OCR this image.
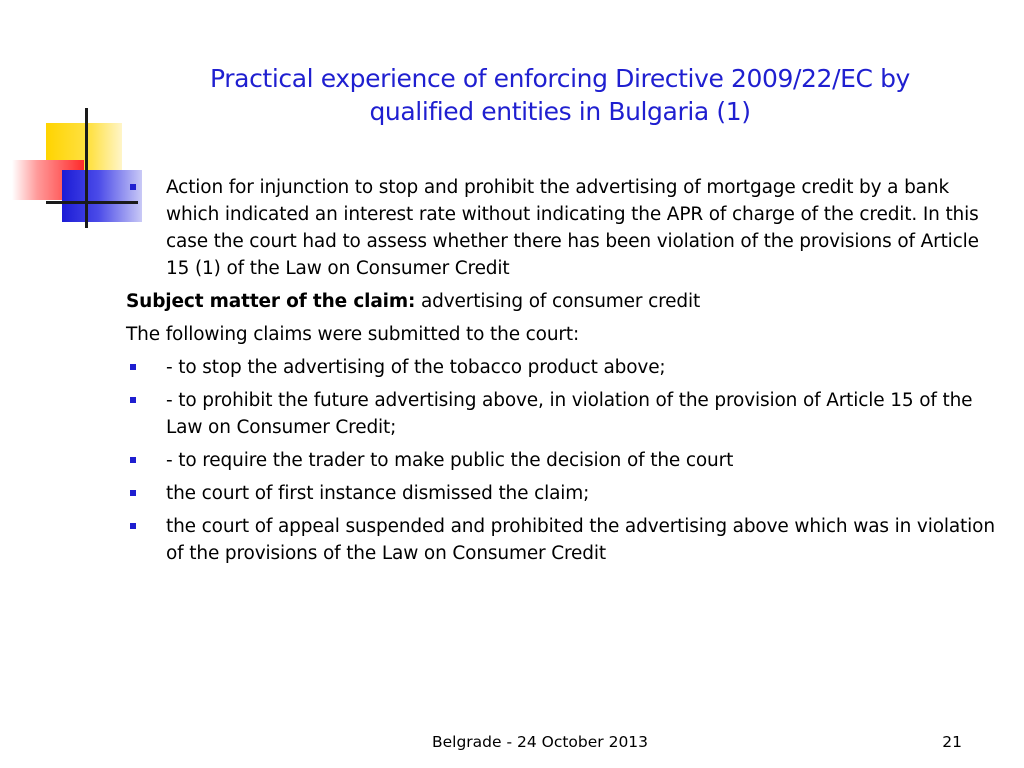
Practical experience of enforcing Directive 2009/22/EC by
qualified entities in Bulgaria (1)
Action for injunction to stop and prohibit the advertising of mortgage credit by a bank which indicated an interest rate without indicating the APR of charge of the credit. In this case the court had to assess whether there has been violation of the provisions of Article 15 (1) of the Law on Consumer Credit
Subject matter of the claim: advertising of consumer credit
The following claims were submitted to the court:
- to stop the advertising of the tobacco product above;
- to prohibit the future advertising above, in violation of the provision of Article 15 of the Law on Consumer Credit;
- to require the trader to make public the decision of the court
the court of first instance dismissed the claim;
the court of appeal suspended and prohibited the advertising above which was in violation of the provisions of the Law on Consumer Credit
Belgrade - 24 October 2013	21
